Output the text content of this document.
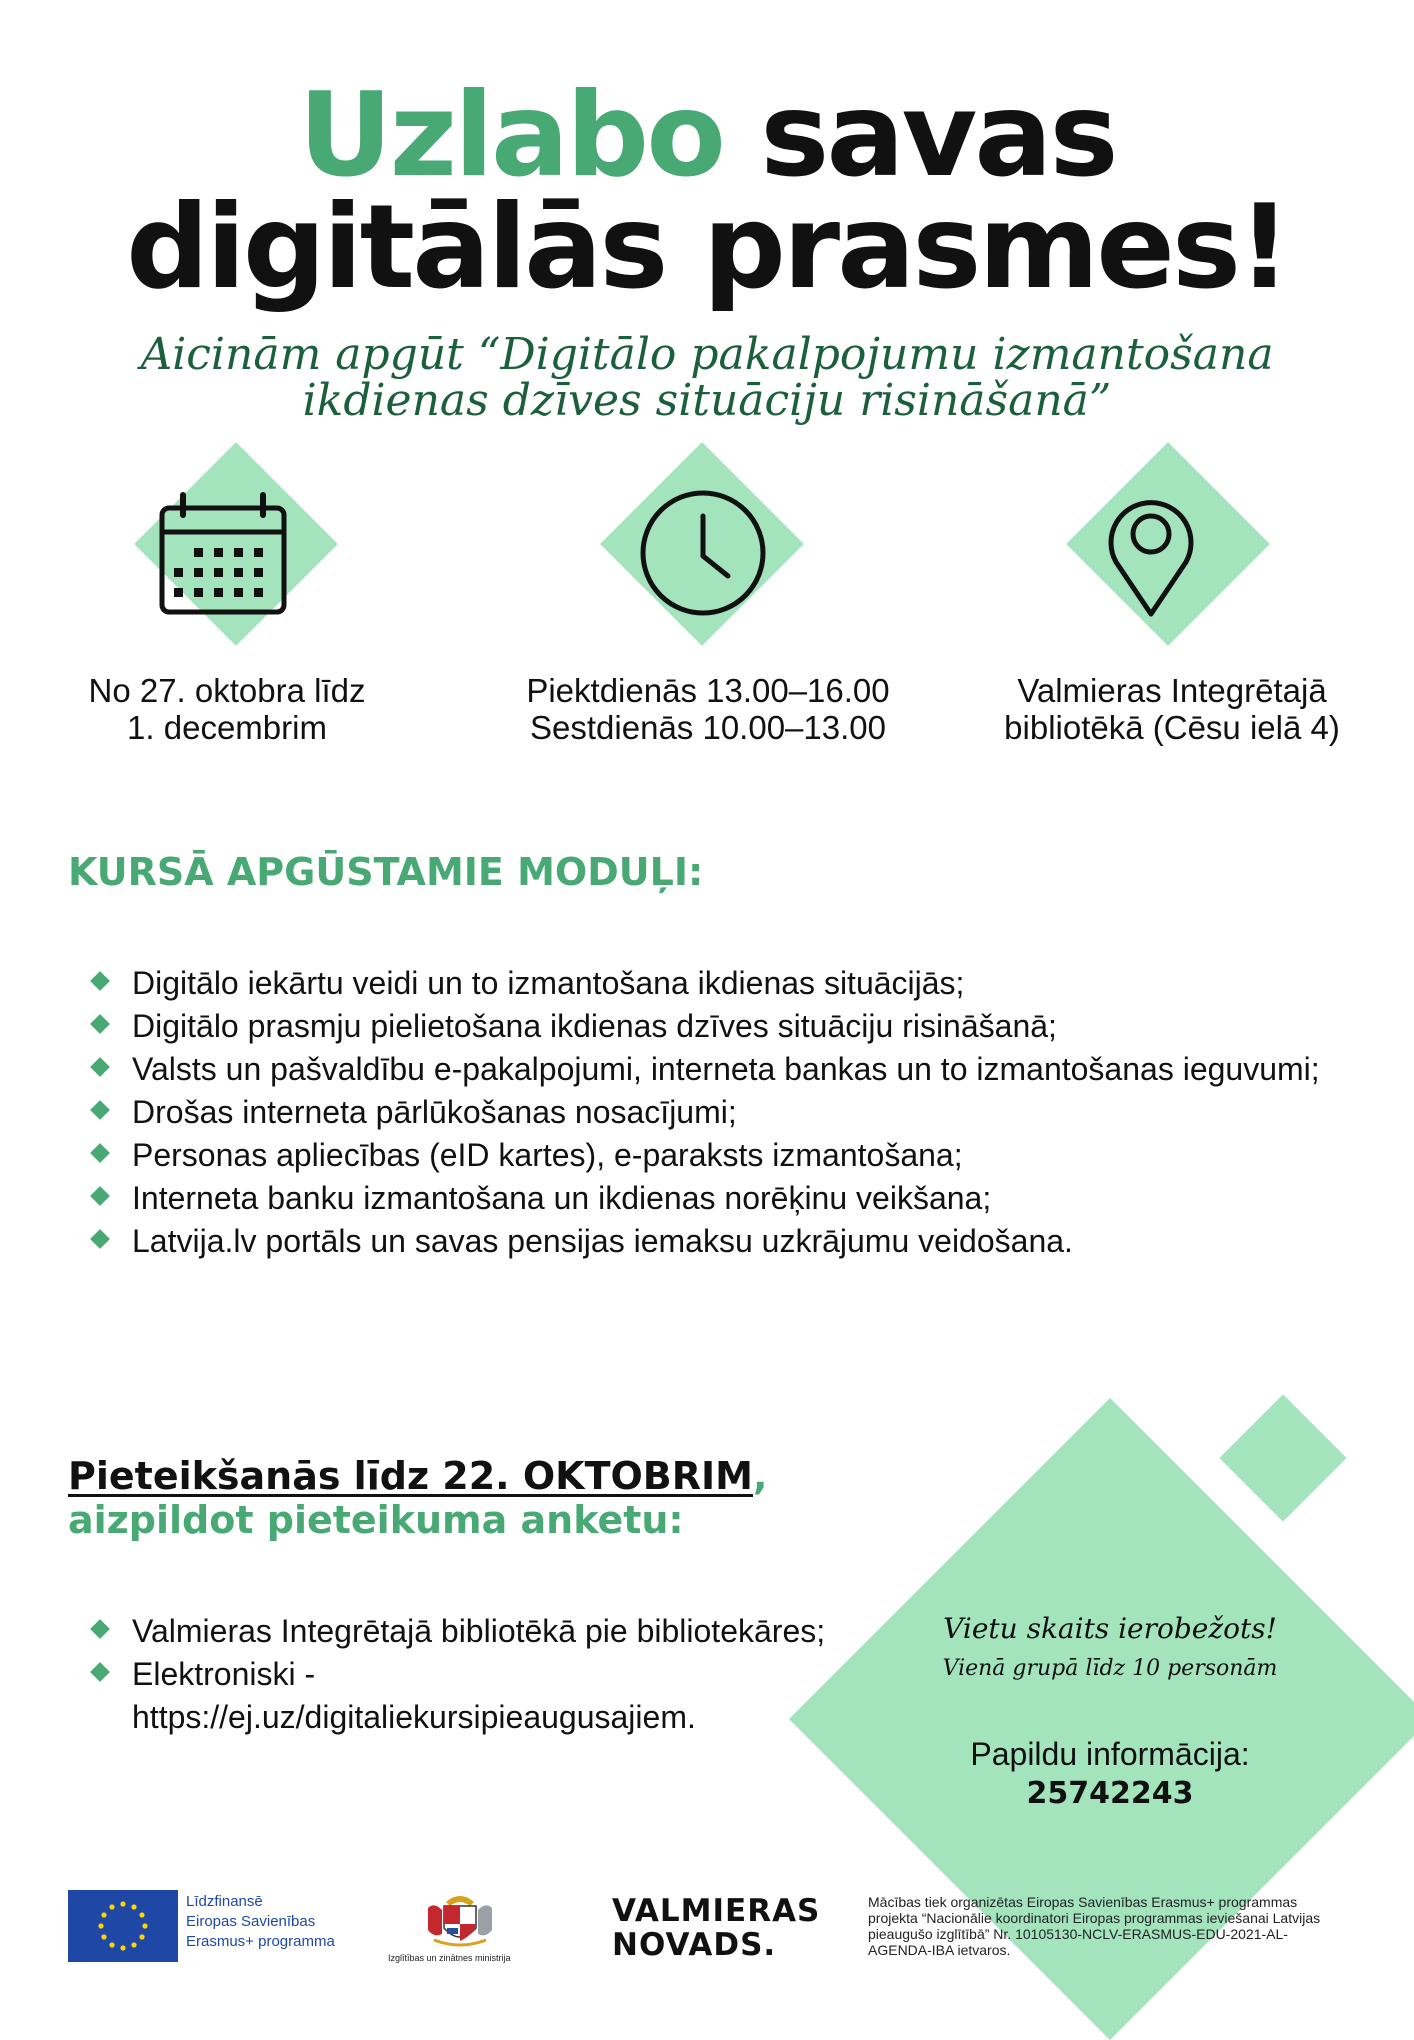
Uzlabo savas
digitālās prasmes!
Aicinām apgūt “Digitālo pakalpojumu izmantošana
ikdienas dzīves situāciju risināšanā”
No 27. oktobra līdz
1. decembrim
Piektdienās 13.00–16.00
Sestdienās 10.00–13.00
Valmieras Integrētajā
bibliotēkā (Cēsu ielā 4)
KURSĀ APGŪSTAMIE MODUĻI:
Digitālo iekārtu veidi un to izmantošana ikdienas situācijās;
Digitālo prasmju pielietošana ikdienas dzīves situāciju risināšanā;
Valsts un pašvaldību e-pakalpojumi, interneta bankas un to izmantošanas ieguvumi;
Drošas interneta pārlūkošanas nosacījumi;
Personas apliecības (eID kartes), e-paraksts izmantošana;
Interneta banku izmantošana un ikdienas norēķinu veikšana;
Latvija.lv portāls un savas pensijas iemaksu uzkrājumu veidošana.
Pieteikšanās līdz 22. OKTOBRIM,
aizpildot pieteikuma anketu:
Valmieras Integrētajā bibliotēkā pie bibliotekāres;
Elektroniski - https://ej.uz/digitaliekursipieaugusajiem.
Vietu skaits ierobežots!
Vienā grupā līdz 10 personām
Papildu informācija:
25742243
Līdzfinansē
Eiropas Savienības
Erasmus+ programma
Izglītības un zinātnes ministrija
VALMIERAS
NOVADS.
Mācības tiek organizētas Eiropas Savienības Erasmus+ programmas projekta “Nacionālie koordinatori Eiropas programmas ieviešanai Latvijas pieaugušo izglītībā” Nr. 10105130-NCLV-ERASMUS-EDU-2021-AL-AGENDA-IBA ietvaros.
